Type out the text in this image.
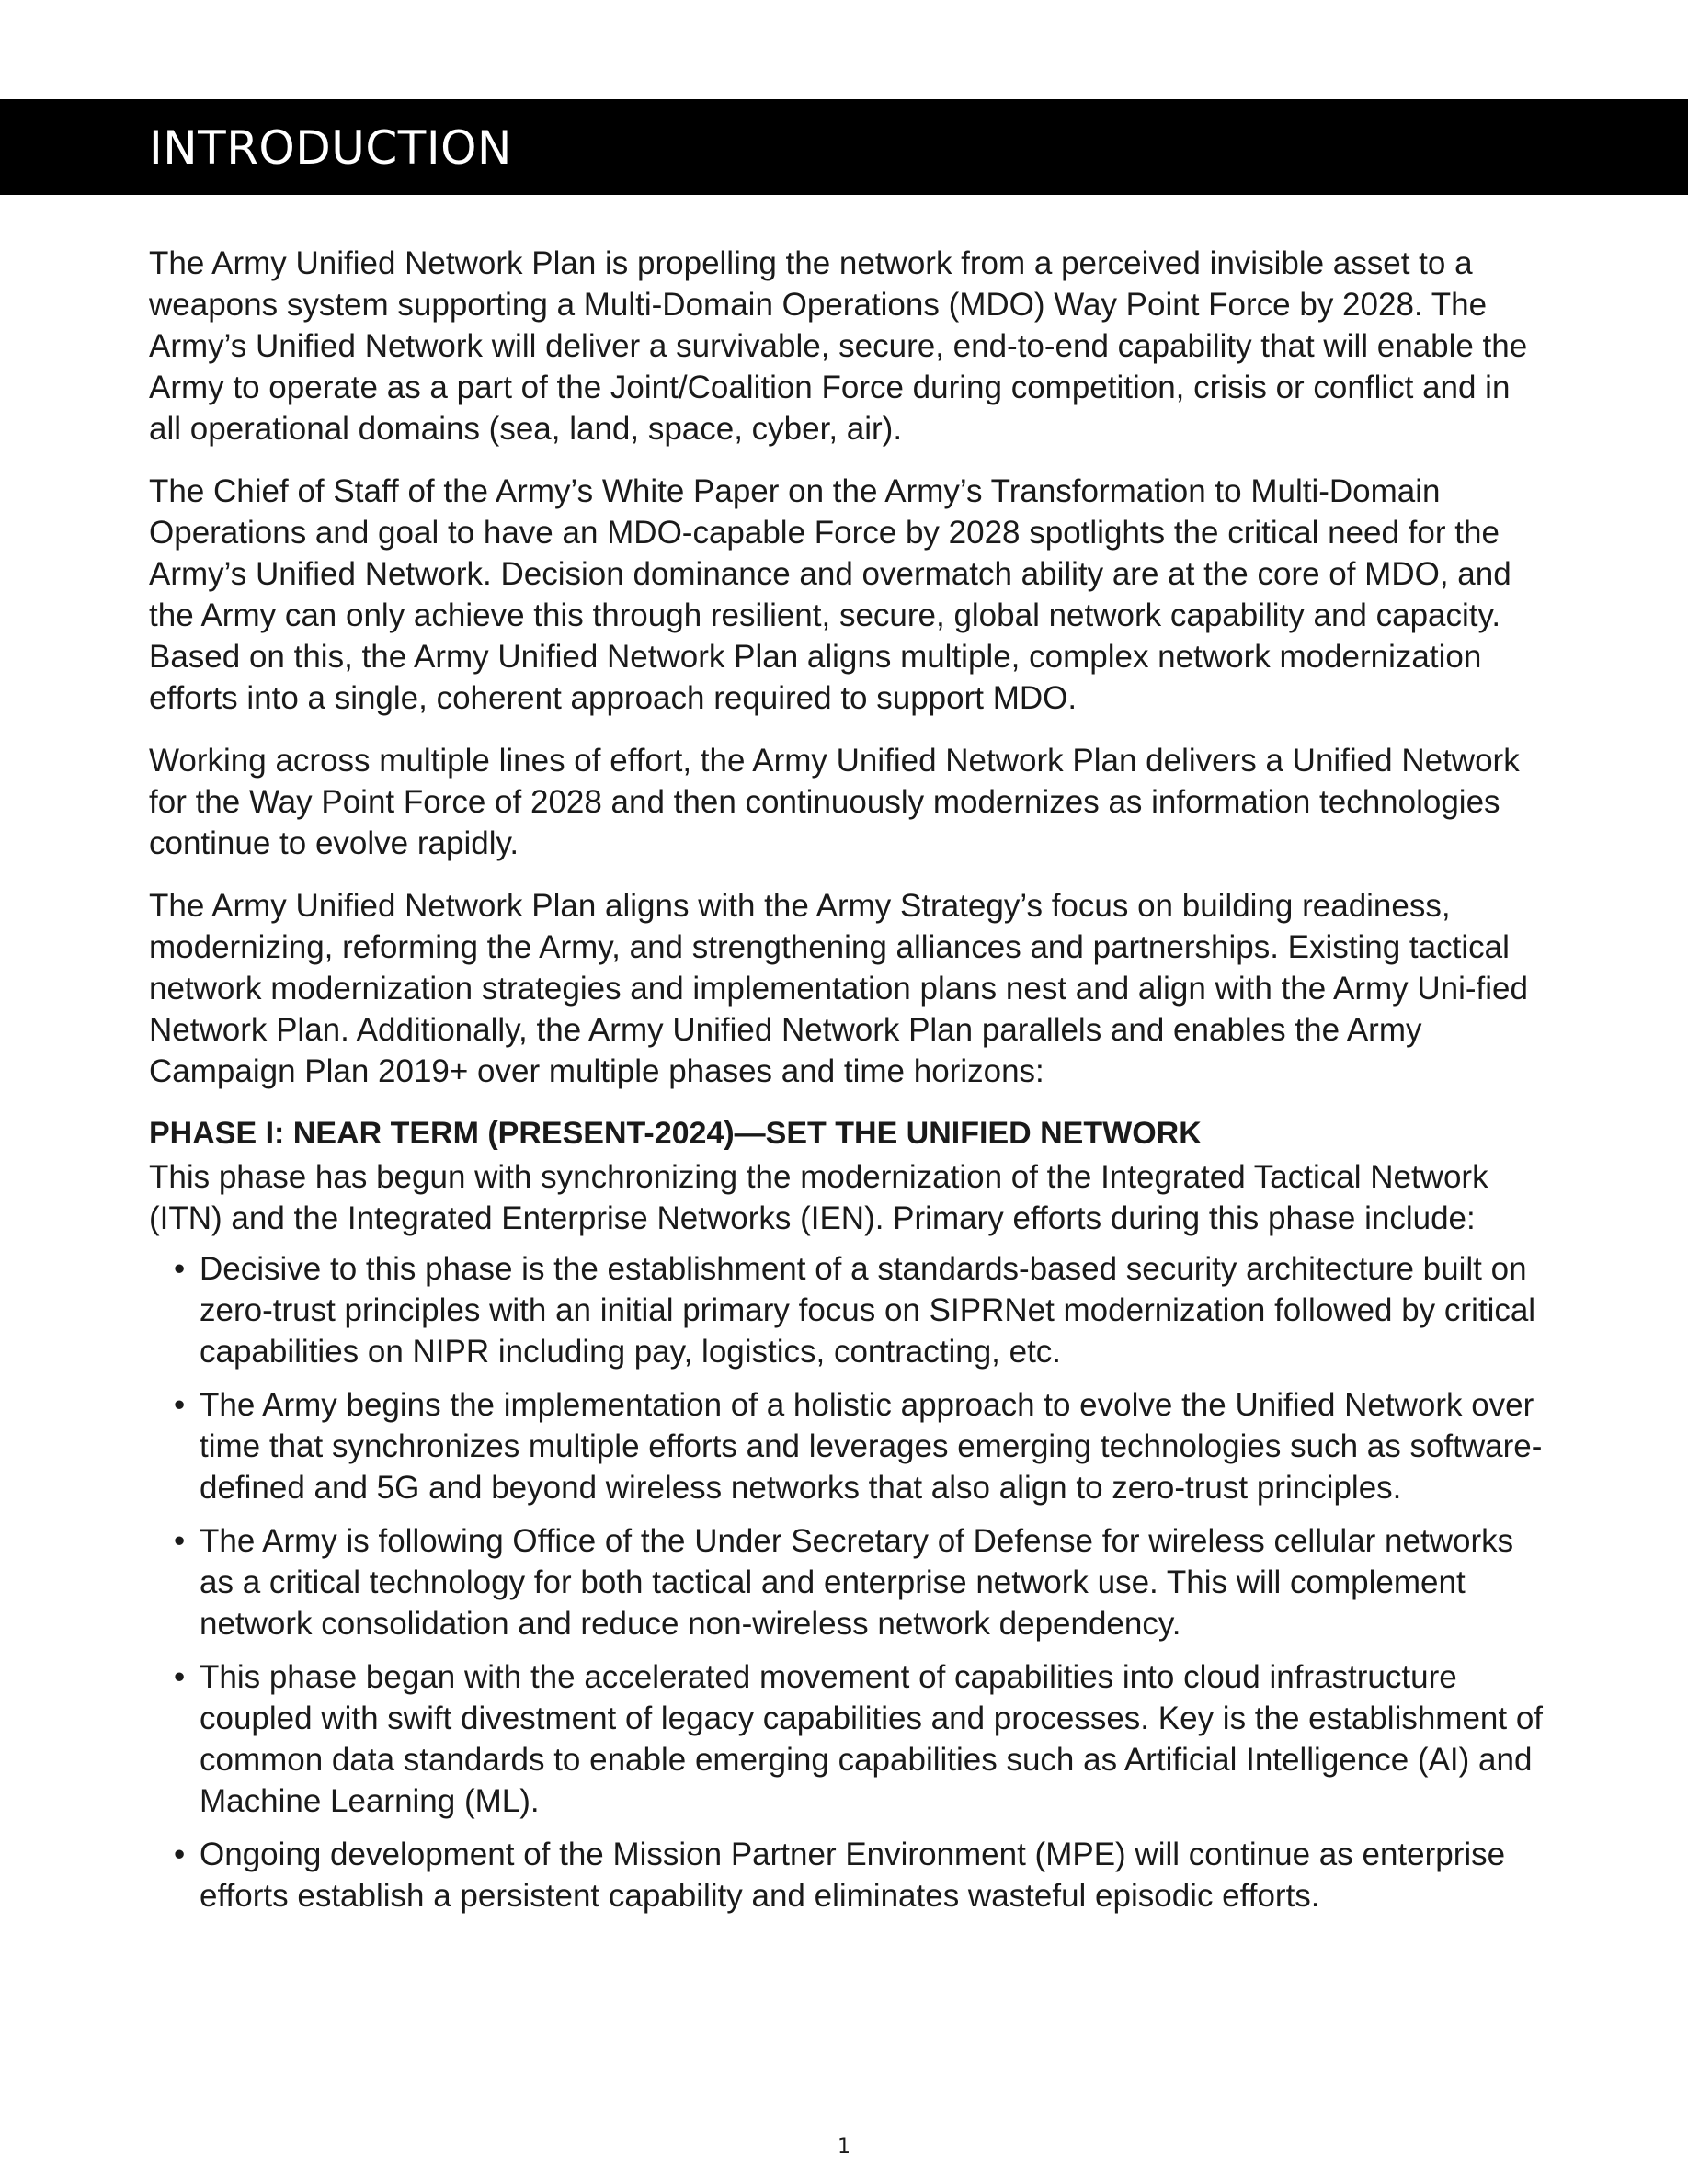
INTRODUCTION

The Army Unified Network Plan is propelling the network from a perceived invisible asset to a weapons system supporting a Multi-Domain Operations (MDO) Way Point Force by 2028. The Army’s Unified Network will deliver a survivable, secure, end-to-end capability that will enable the Army to operate as a part of the Joint/Coalition Force during competition, crisis or conflict and in all operational domains (sea, land, space, cyber, air).

The Chief of Staff of the Army’s White Paper on the Army’s Transformation to Multi-Domain Operations and goal to have an MDO-capable Force by 2028 spotlights the critical need for the Army’s Unified Network. Decision dominance and overmatch ability are at the core of MDO, and the Army can only achieve this through resilient, secure, global network capability and capacity. Based on this, the Army Unified Network Plan aligns multiple, complex network modernization efforts into a single, coherent approach required to support MDO.

Working across multiple lines of effort, the Army Unified Network Plan delivers a Unified Network for the Way Point Force of 2028 and then continuously modernizes as information technologies continue to evolve rapidly.

The Army Unified Network Plan aligns with the Army Strategy’s focus on building readiness, modernizing, reforming the Army, and strengthening alliances and partnerships. Existing tactical network modernization strategies and implementation plans nest and align with the Army Uni-fied Network Plan. Additionally, the Army Unified Network Plan parallels and enables the Army Campaign Plan 2019+ over multiple phases and time horizons:

PHASE I: NEAR TERM (PRESENT-2024)—SET THE UNIFIED NETWORK

This phase has begun with synchronizing the modernization of the Integrated Tactical Network (ITN) and the Integrated Enterprise Networks (IEN). Primary efforts during this phase include:

• Decisive to this phase is the establishment of a standards-based security architecture built on zero-trust principles with an initial primary focus on SIPRNet modernization followed by critical capabilities on NIPR including pay, logistics, contracting, etc.
• The Army begins the implementation of a holistic approach to evolve the Unified Network over time that synchronizes multiple efforts and leverages emerging technologies such as software-defined and 5G and beyond wireless networks that also align to zero-trust principles.
• The Army is following Office of the Under Secretary of Defense for wireless cellular networks as a critical technology for both tactical and enterprise network use. This will complement network consolidation and reduce non-wireless network dependency.
• This phase began with the accelerated movement of capabilities into cloud infrastructure coupled with swift divestment of legacy capabilities and processes. Key is the establishment of common data standards to enable emerging capabilities such as Artificial Intelligence (AI) and Machine Learning (ML).
• Ongoing development of the Mission Partner Environment (MPE) will continue as enterprise efforts establish a persistent capability and eliminates wasteful episodic efforts.
1
